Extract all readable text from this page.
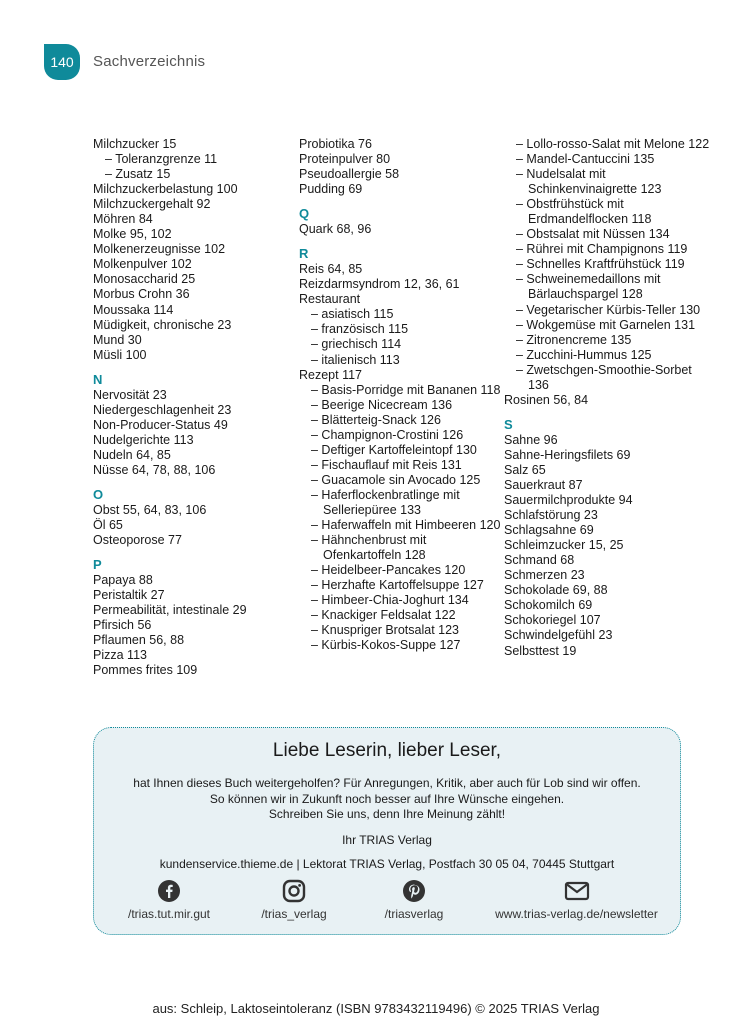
140 Sachverzeichnis
Milchzucker 15
– Toleranzgrenze 11
– Zusatz 15
Milchzuckerbelastung 100
Milchzuckergehalt 92
Möhren 84
Molke 95, 102
Molkenerzeugnisse 102
Molkenpulver 102
Monosaccharid 25
Morbus Crohn 36
Moussaka 114
Müdigkeit, chronische 23
Mund 30
Müsli 100
N
Nervosität 23
Niedergeschlagenheit 23
Non-Producer-Status 49
Nudelgerichte 113
Nudeln 64, 85
Nüsse 64, 78, 88, 106
O
Obst 55, 64, 83, 106
Öl 65
Osteoporose 77
P
Papaya 88
Peristaltik 27
Permeabilität, intestinale 29
Pfirsich 56
Pflaumen 56, 88
Pizza 113
Pommes frites 109
Probiotika 76
Proteinpulver 80
Pseudoallergie 58
Pudding 69
Q
Quark 68, 96
R
Reis 64, 85
Reizdarmsyndrom 12, 36, 61
Restaurant
– asiatisch 115
– französisch 115
– griechisch 114
– italienisch 113
Rezept 117
– Basis-Porridge mit Bananen 118
– Beerige Nicecream 136
– Blätterteig-Snack 126
– Champignon-Crostini 126
– Deftiger Kartoffeleintopf 130
– Fischauflauf mit Reis 131
– Guacamole sin Avocado 125
– Haferflockenbratlinge mit Selleriepüree 133
– Haferwaffeln mit Himbeeren 120
– Hähnchenbrust mit Ofenkartoffeln 128
– Heidelbeer-Pancakes 120
– Herzhafte Kartoffelsuppe 127
– Himbeer-Chia-Joghurt 134
– Knackiger Feldsalat 122
– Knuspriger Brotsalat 123
– Kürbis-Kokos-Suppe 127
– Lollo-rosso-Salat mit Melone 122
– Mandel-Cantuccini 135
– Nudelsalat mit Schinkenvinaigrette 123
– Obstfrühstück mit Erdmandelflocken 118
– Obstsalat mit Nüssen 134
– Rührei mit Champignons 119
– Schnelles Kraftfrühstück 119
– Schweinemedaillons mit Bärlauchspargel 128
– Vegetarischer Kürbis-Teller 130
– Wokgemüse mit Garnelen 131
– Zitronencreme 135
– Zucchini-Hummus 125
– Zwetschgen-Smoothie-Sorbet 136
Rosinen 56, 84
S
Sahne 96
Sahne-Heringsfilets 69
Salz 65
Sauerkraut 87
Sauermilchprodukte 94
Schlafstörung 23
Schlagsahne 69
Schleimzucker 15, 25
Schmand 68
Schmerzen 23
Schokolade 69, 88
Schokomilch 69
Schokoriegel 107
Schwindelgefühl 23
Selbsttest 19
Liebe Leserin, lieber Leser,
hat Ihnen dieses Buch weitergeholfen? Für Anregungen, Kritik, aber auch für Lob sind wir offen.
So können wir in Zukunft noch besser auf Ihre Wünsche eingehen.
Schreiben Sie uns, denn Ihre Meinung zählt!
Ihr TRIAS Verlag
kundenservice.thieme.de | Lektorat TRIAS Verlag, Postfach 30 05 04, 70445 Stuttgart
/trias.tut.mir.gut	/trias_verlag	/triasverlag	www.trias-verlag.de/newsletter
aus: Schleip, Laktoseintoleranz (ISBN 9783432119496) © 2025 TRIAS Verlag
